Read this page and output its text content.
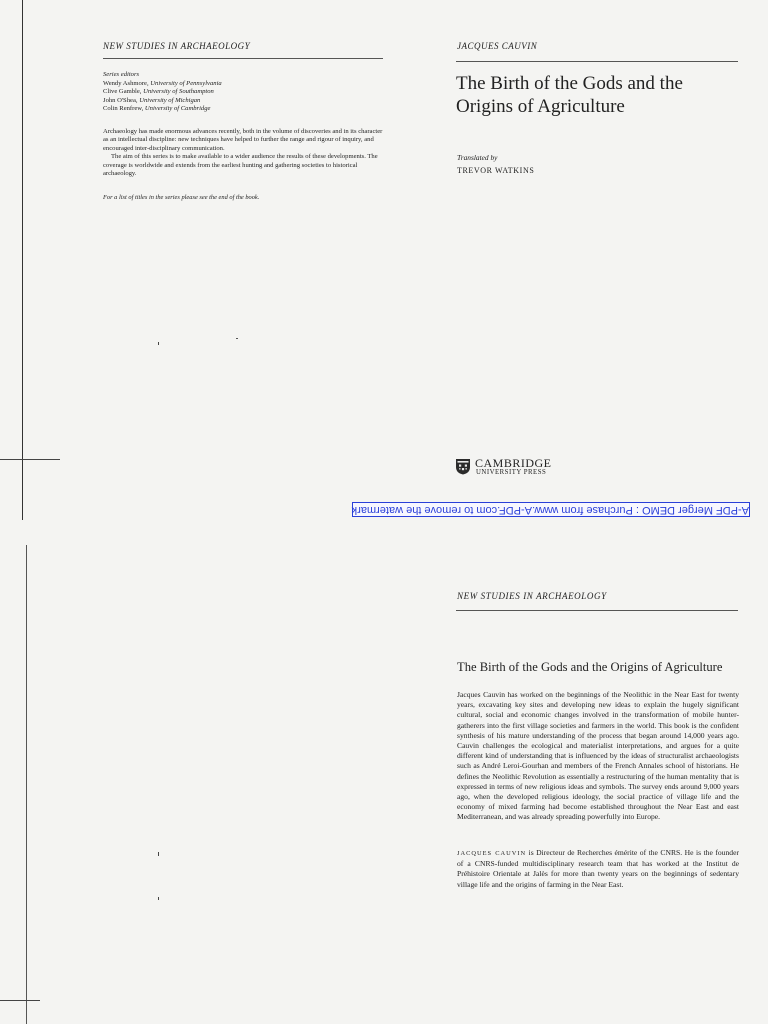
NEW STUDIES IN ARCHAEOLOGY
Series editors
Wendy Ashmore, University of Pennsylvania
Clive Gamble, University of Southampton
John O'Shea, University of Michigan
Colin Renfrew, University of Cambridge

Archaeology has made enormous advances recently, both in the volume of discoveries and in its character as an intellectual discipline: new techniques have helped to further the range and rigour of inquiry, and encouraged inter-disciplinary communication.

The aim of this series is to make available to a wider audience the results of these developments. The coverage is worldwide and extends from the earliest hunting and gathering societies to historical archaeology.

For a list of titles in the series please see the end of the book.
JACQUES CAUVIN
The Birth of the Gods and the
Origins of Agriculture
Translated by
TREVOR WATKINS
CAMBRIDGE
UNIVERSITY PRESS
A-PDF Merger DEMO : Purchase from www.A-PDF.com to remove the watermark
NEW STUDIES IN ARCHAEOLOGY
The Birth of the Gods and the Origins of Agriculture
Jacques Cauvin has worked on the beginnings of the Neolithic in the Near East for twenty years, excavating key sites and developing new ideas to explain the hugely significant cultural, social and economic changes involved in the transformation of mobile hunter-gatherers into the first village societies and farmers in the world. This book is the confident synthesis of his mature understanding of the process that began around 14,000 years ago. Cauvin challenges the ecological and materialist interpretations, and argues for a quite different kind of understanding that is influenced by the ideas of structuralist archaeologists such as André Leroi-Gourhan and members of the French Annales school of historians. He defines the Neolithic Revolution as essentially a restructuring of the human mentality that is expressed in terms of new religious ideas and symbols. The survey ends around 9,000 years ago, when the developed religious ideology, the social practice of village life and the economy of mixed farming had become established throughout the Near East and east Mediterranean, and was already spreading powerfully into Europe.
JACQUES CAUVIN is Directeur de Recherches émérite of the CNRS. He is the founder of a CNRS-funded multidisciplinary research team that has worked at the Institut de Préhistoire Orientale at Jalès for more than twenty years on the beginnings of sedentary village life and the origins of farming in the Near East.
